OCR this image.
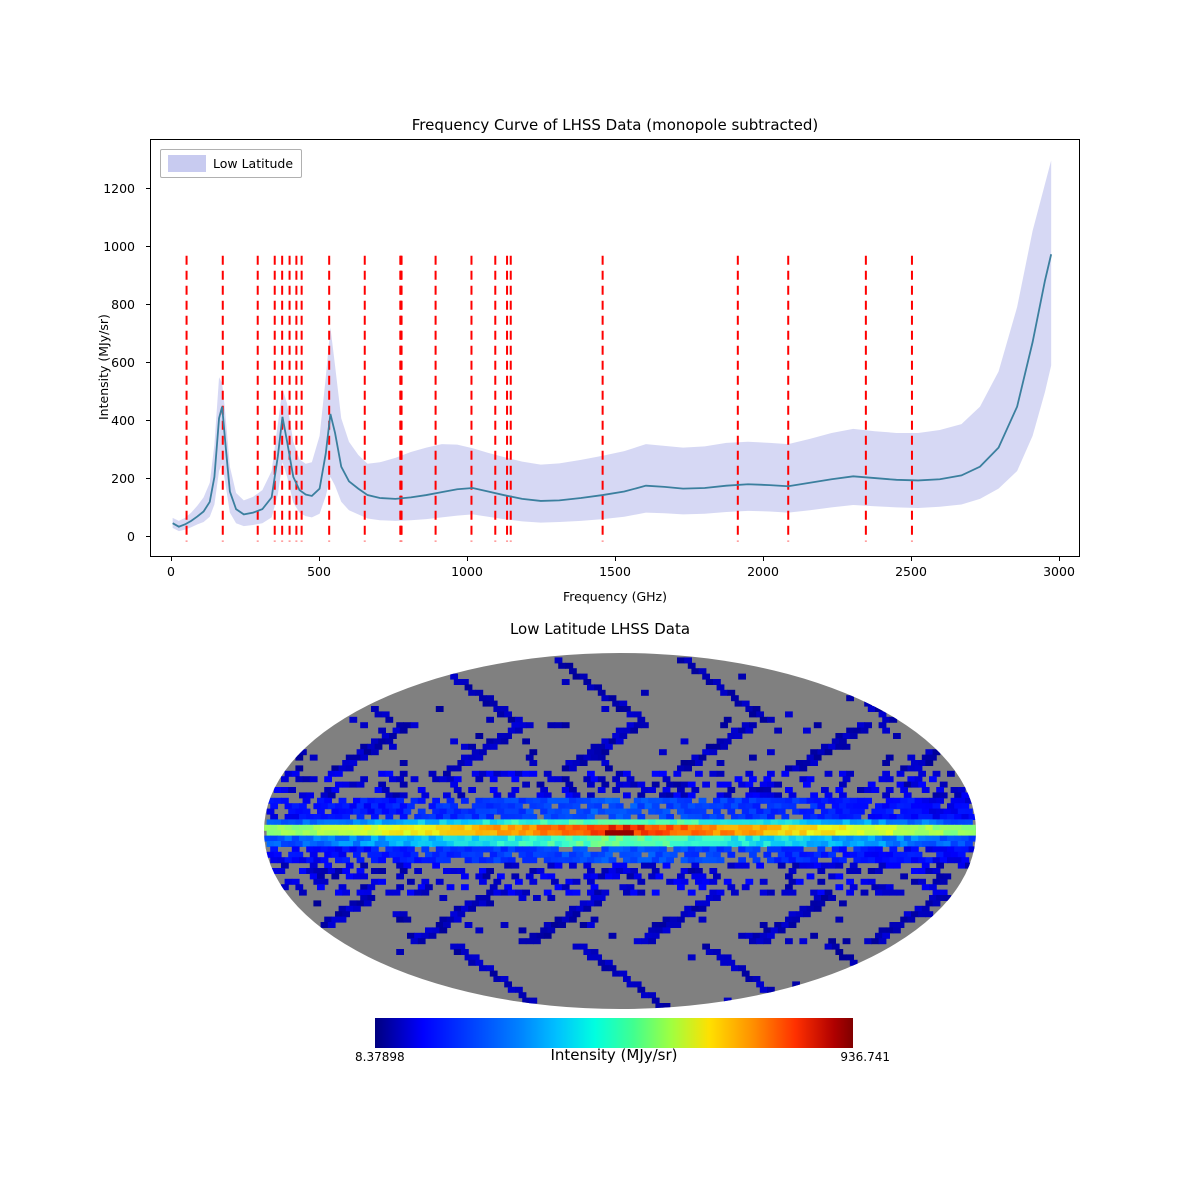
Frequency Curve of LHSS Data (monopole subtracted)
Intensity (MJy/sr)
0
200
400
600
800
1000
1200
0	500	1000	1500	2000	2500	3000
Frequency (GHz)
Low Latitude
Low Latitude LHSS Data
8.37898	936.741
Intensity (MJy/sr)
